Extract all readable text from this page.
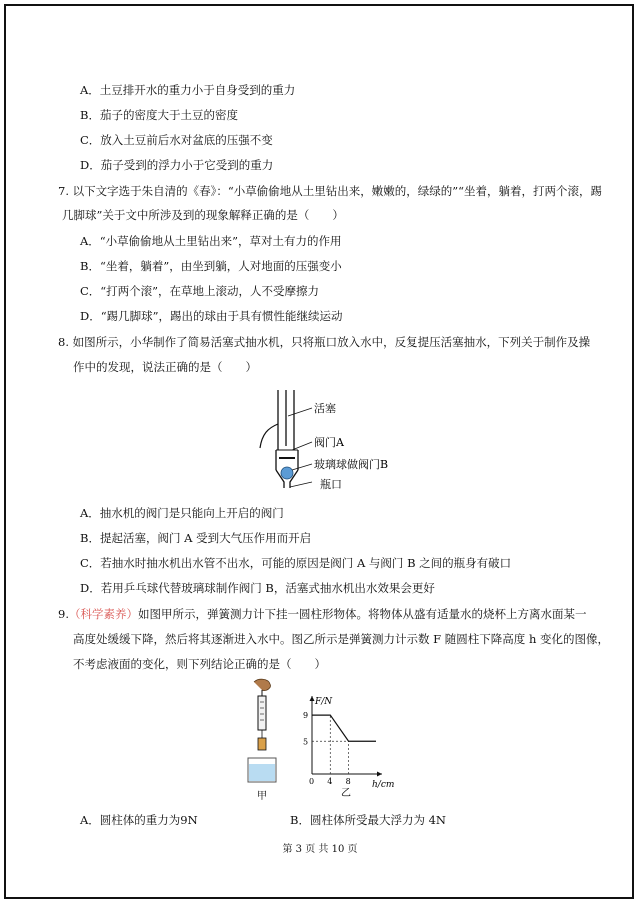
A．土豆排开水的重力小于自身受到的重力
B．茄子的密度大于土豆的密度
C．放入土豆前后水对盆底的压强不变
D．茄子受到的浮力小于它受到的重力
7. 以下文字选于朱自清的《春》：“小草偷偷地从土里钻出来，嫩嫩的，绿绿的”“坐着，躺着，打两个滚，踢
几脚球”关于文中所涉及到的现象解释正确的是（　　）
A．“小草偷偷地从土里钻出来”，草对土有力的作用
B．“坐着，躺着”，由坐到躺，人对地面的压强变小
C．“打两个滚”，在草地上滚动，人不受摩擦力
D．“踢几脚球”，踢出的球由于具有惯性能继续运动
8. 如图所示，小华制作了简易活塞式抽水机，只将瓶口放入水中，反复提压活塞抽水，下列关于制作及操
作中的发现，说法正确的是（　　）
活塞
阀门A
玻璃球做阀门B
瓶口
A．抽水机的阀门是只能向上开启的阀门
B．提起活塞，阀门 A 受到大气压作用而开启
C．若抽水时抽水机出水管不出水，可能的原因是阀门 A 与阀门 B 之间的瓶身有破口
D．若用乒乓球代替玻璃球制作阀门 B，活塞式抽水机出水效果会更好
9.（科学素养）如图甲所示，弹簧测力计下挂一圆柱形物体。将物体从盛有适量水的烧杯上方离水面某一
高度处缓缓下降，然后将其逐渐进入水中。图乙所示是弹簧测力计示数 F 随圆柱下降高度 h 变化的图像，
不考虑液面的变化，则下列结论正确的是（　　）
甲
F/N
h/cm
乙
0 4 8
5
9
A．圆柱体的重力为9N	B．圆柱体所受最大浮力为 4N
第 3 页 共 10 页
